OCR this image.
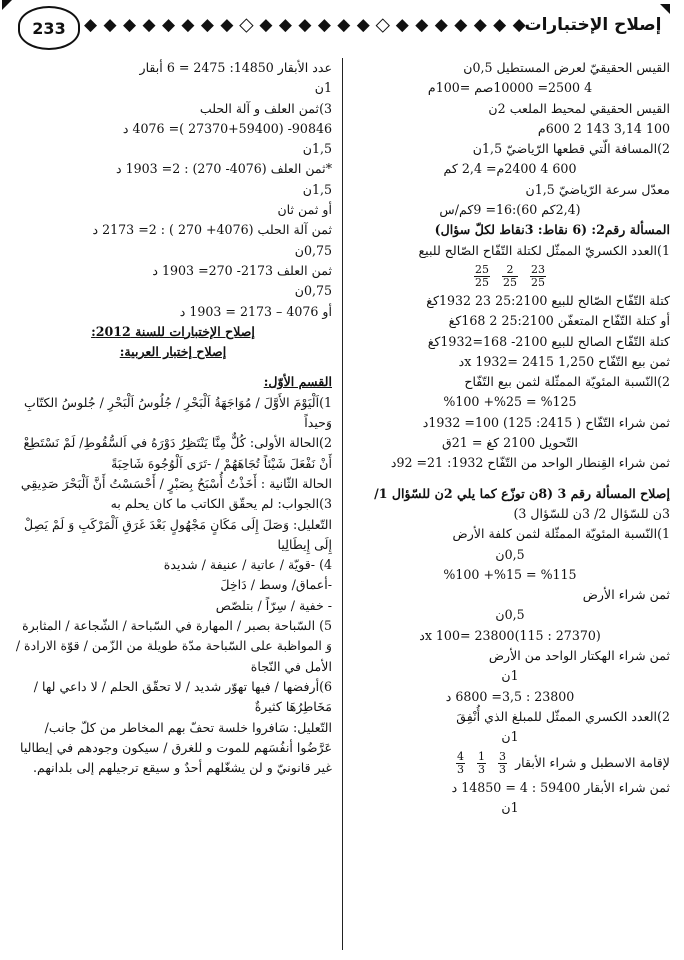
233	◆ ◆ ◆ ◆ ◆ ◆ ◆ ◆ ◆ ◆ ◆ ◆ ◆ ◆ ◆ ◆ ◆ ◆ ◆ ◆ ◆ ◆ ◆
إصلاح الإختبارات
القيس الحقيقيّ لعرض المستطيل 0,5ن
4 2500= 10000صم =100م
القيس الحقيقي لمحيط الملعب 2ن
100 3,14 143 2 600م
2)المسافة الّتي قطعها الرّياضيّ 1,5ن
600 4 2400م= 2,4 كم
معدّل سرعة الرّياضيّ 1,5ن
(2,4كم 60):16= 9كم/س
المسألة رقم2: (6 نقاط: 3نقاط لكلّ سؤال)
1)العدد الكسريّ الممثّل لكتلة التّفّاح الصّالح للبيع
$\frac{23}{25}$

$\frac{2}{25}$

$\frac{25}{25}$
كتلة التّفّاح الصّالح للبيع 25:2100 23 1932كغ
أو كتلة التّفّاح المتعفّن 25:2100 2 168كغ
كتلة التّفّاح الصالح للبيع 2100- 168=1932كغ
ثمن بيع التّفّاح 1,250 x 1932= 2415د
2)النّسبة المئويّة الممثّلة لثمن بيع التّفّاح
%125 = %25+ %100
ثمن شراء التّفّاح ( 2415: 125) 100= 1932د
التّحويل 2100 كغ = 21ق
ثمن شراء القِنطار الواحد من التّفّاح 1932: 21= 92د
إصلاح المسألة رقم 3 (8ن توزّع كما يلي 2ن للسّؤال 1/
3ن للسّؤال 2/ 3ن للسّؤال 3)
1)النّسبة المئويّة الممثّلة لثمن كلفة الأرض
0,5ن
%115 = %15+ %100
ثمن شراء الأرض
0,5ن
(27370 : 115)x 100= 23800د
ثمن شراء الهكتار الواحد من الأرض
1ن
23800 : 3,5= 6800 د
2)العدد الكسري الممثّل للمبلغ الذي أُنْفِقَ
1ن
لإقامة الاسطبل و شراء الأبقار
$\frac{3}{3}$

$\frac{1}{3}$

$\frac{4}{3}$
ثمن شراء الأبقار 59400 : 4 = 14850 د
1ن
عدد الأبقار 14850: 2475 = 6 أبقار
1ن
3)ثمن العلف و آلة الحلب
90846- (27370+59400 )= 4076 د
1,5ن
*ثمن العلف (4076- 270) : 2= 1903 د
1,5ن
أو ثمن ثان
ثمن آلة الحلب (4076+ 270 ) : 2= 2173 د
0,75ن
ثمن العلف 2173- 270= 1903 د
0,75ن
أو 4076 – 2173 = 1903 د
إصلاح الإختبارات للسنة 2012:
إصلاح إختبار العربية:
القسم الأوّل:
1)اَلْيَوْمَ الأَوَّلَ / مُوَاجَهَةُ اَلْبَحْرِ / جُلُوسُ اَلْبَحْرِ / جُلوسُ الكتّابِ وَحيداً
2)الحالة الأولى: كُلٌّ مِنَّا يَنْتَظِرُ دَوْرَهُ في اَلسُّقُوطِ/ لَمْ نَسْتَطِعْ أَنْ نَفْعَلَ شَيْئاً تُجَاهَهُمْ / -تَرَى اَلْوُجُوهَ شَاحِبَةً
الحالة الثّانية : أَخَذْتُ أُسْبَحُ بِصَبْرٍ / أَحْسَسْتُ أَنَّ اَلْبَحْرَ صَدِيقِي
3)الجواب: لم يحقّق الكاتب ما كان يحلم به
التّعليل: وَصَلَ إِلَى مَكَانٍ مَجْهُولٍ بَعْدَ غَرَقِ اَلْمَرْكَبِ وَ لَمْ يَصِلْ إِلَى إِيطَالِيا
4) -قويّة / عاتية / عنيفة / شديدة
-أعماق/ وسط / دَاخِلَ
- خفية / سِرّاً / بتلصّص
5) السّباحة بصبر / المهارة في السّباحة / الشّجاعة / المثابرة وَ المواظبة على السّباحة مدّة طويلة من الزّمن / قوّة الارادة / الأمل في النّجاة
6)أرفضها / فيها تهوّر شديد / لا تحقّق الحلم / لا داعي لها / مَخَاطِرُهَا كثيرةٌ
التّعليل: سَافروا خلسة تحفّ بهم المخاطر من كلّ جانب/ عَرَّضُوا أنفُسَهم للموت و للغرق / سيكون وجودهم في إيطاليا غير قانونيّ و لن يشغّلهم أحدٌ و سيقع ترجيلهم إلى بلدانهم.
